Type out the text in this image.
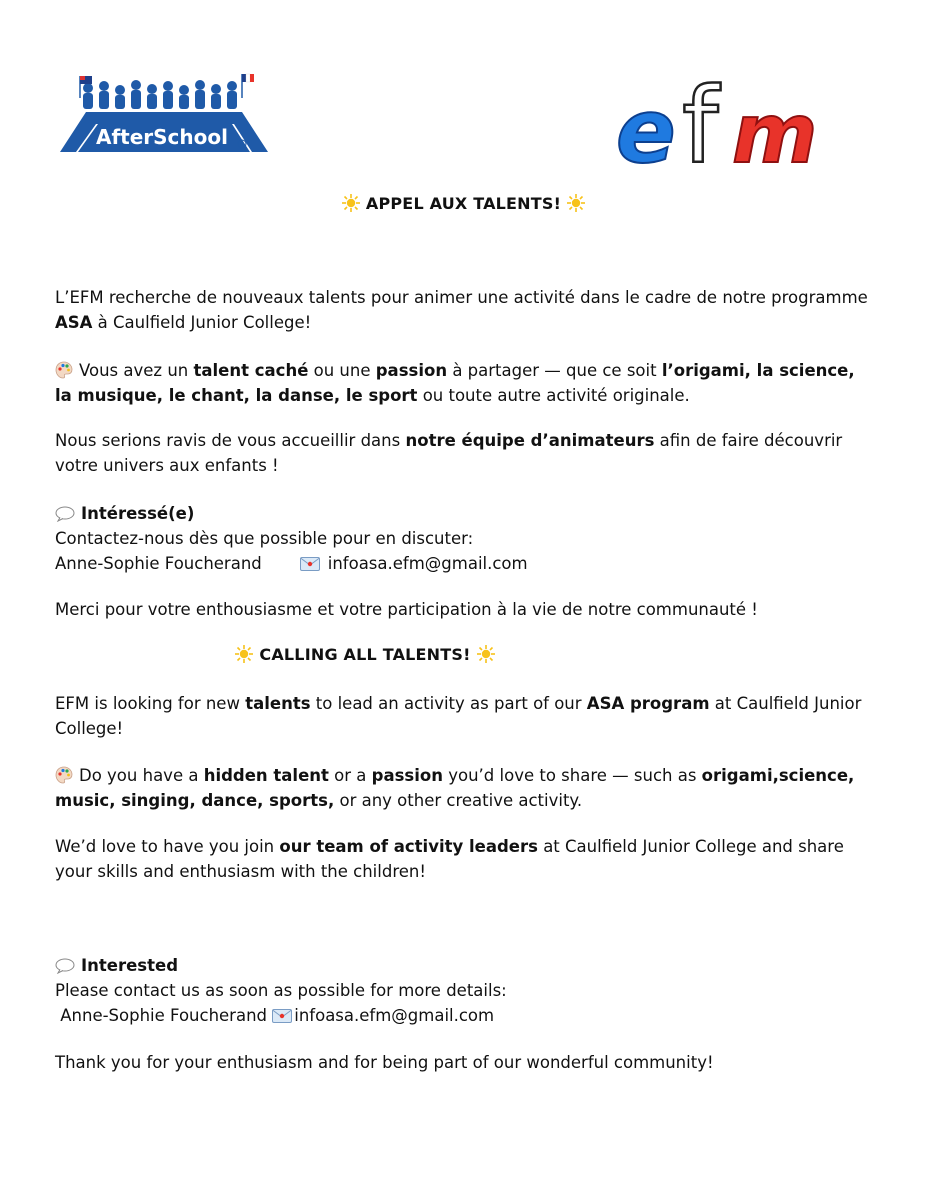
AfterSchool	e f m
APPEL AUX TALENTS!

L’EFM recherche de nouveaux talents pour animer une activité dans le cadre de notre programme ASA à Caulfield Junior College!

Vous avez un talent caché ou une passion à partager — que ce soit l’origami, la science, la musique, le chant, la danse, le sport ou toute autre activité originale.

Nous serions ravis de vous accueillir dans notre équipe d’animateurs afin de faire découvrir votre univers aux enfants !

Intéressé(e)
Contactez-nous dès que possible pour en discuter:
Anne-Sophie Foucherand	infoasa.efm@gmail.com

Merci pour votre enthousiasme et votre participation à la vie de notre communauté !

CALLING ALL TALENTS!

EFM is looking for new talents to lead an activity as part of our ASA program at Caulfield Junior College!

Do you have a hidden talent or a passion you’d love to share — such as origami,science, music, singing, dance, sports, or any other creative activity.

We’d love to have you join our team of activity leaders at Caulfield Junior College and share your skills and enthusiasm with the children!

Interested
Please contact us as soon as possible for more details:
Anne-Sophie Foucherand infoasa.efm@gmail.com

Thank you for your enthusiasm and for being part of our wonderful community!
